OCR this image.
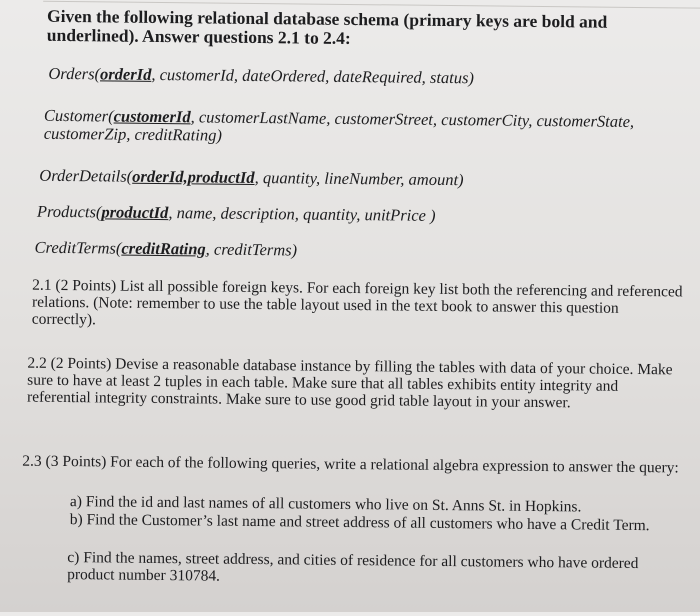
Given the following relational database schema (primary keys are bold and underlined). Answer questions 2.1 to 2.4:
Orders(orderId, customerId, dateOrdered, dateRequired, status)
Customer(customerId, customerLastName, customerStreet, customerCity, customerState, customerZip, creditRating)
OrderDetails(orderId,productId, quantity, lineNumber, amount)
Products(productId, name, description, quantity, unitPrice )
CreditTerms(creditRating, creditTerms)
2.1 (2 Points) List all possible foreign keys. For each foreign key list both the referencing and referenced relations. (Note: remember to use the table layout used in the text book to answer this question correctly).
2.2 (2 Points) Devise a reasonable database instance by filling the tables with data of your choice. Make sure to have at least 2 tuples in each table. Make sure that all tables exhibits entity integrity and referential integrity constraints. Make sure to use good grid table layout in your answer.
2.3 (3 Points) For each of the following queries, write a relational algebra expression to answer the query:
a) Find the id and last names of all customers who live on St. Anns St. in Hopkins.
b) Find the Customer’s last name and street address of all customers who have a Credit Term.
c) Find the names, street address, and cities of residence for all customers who have ordered product number 310784.
